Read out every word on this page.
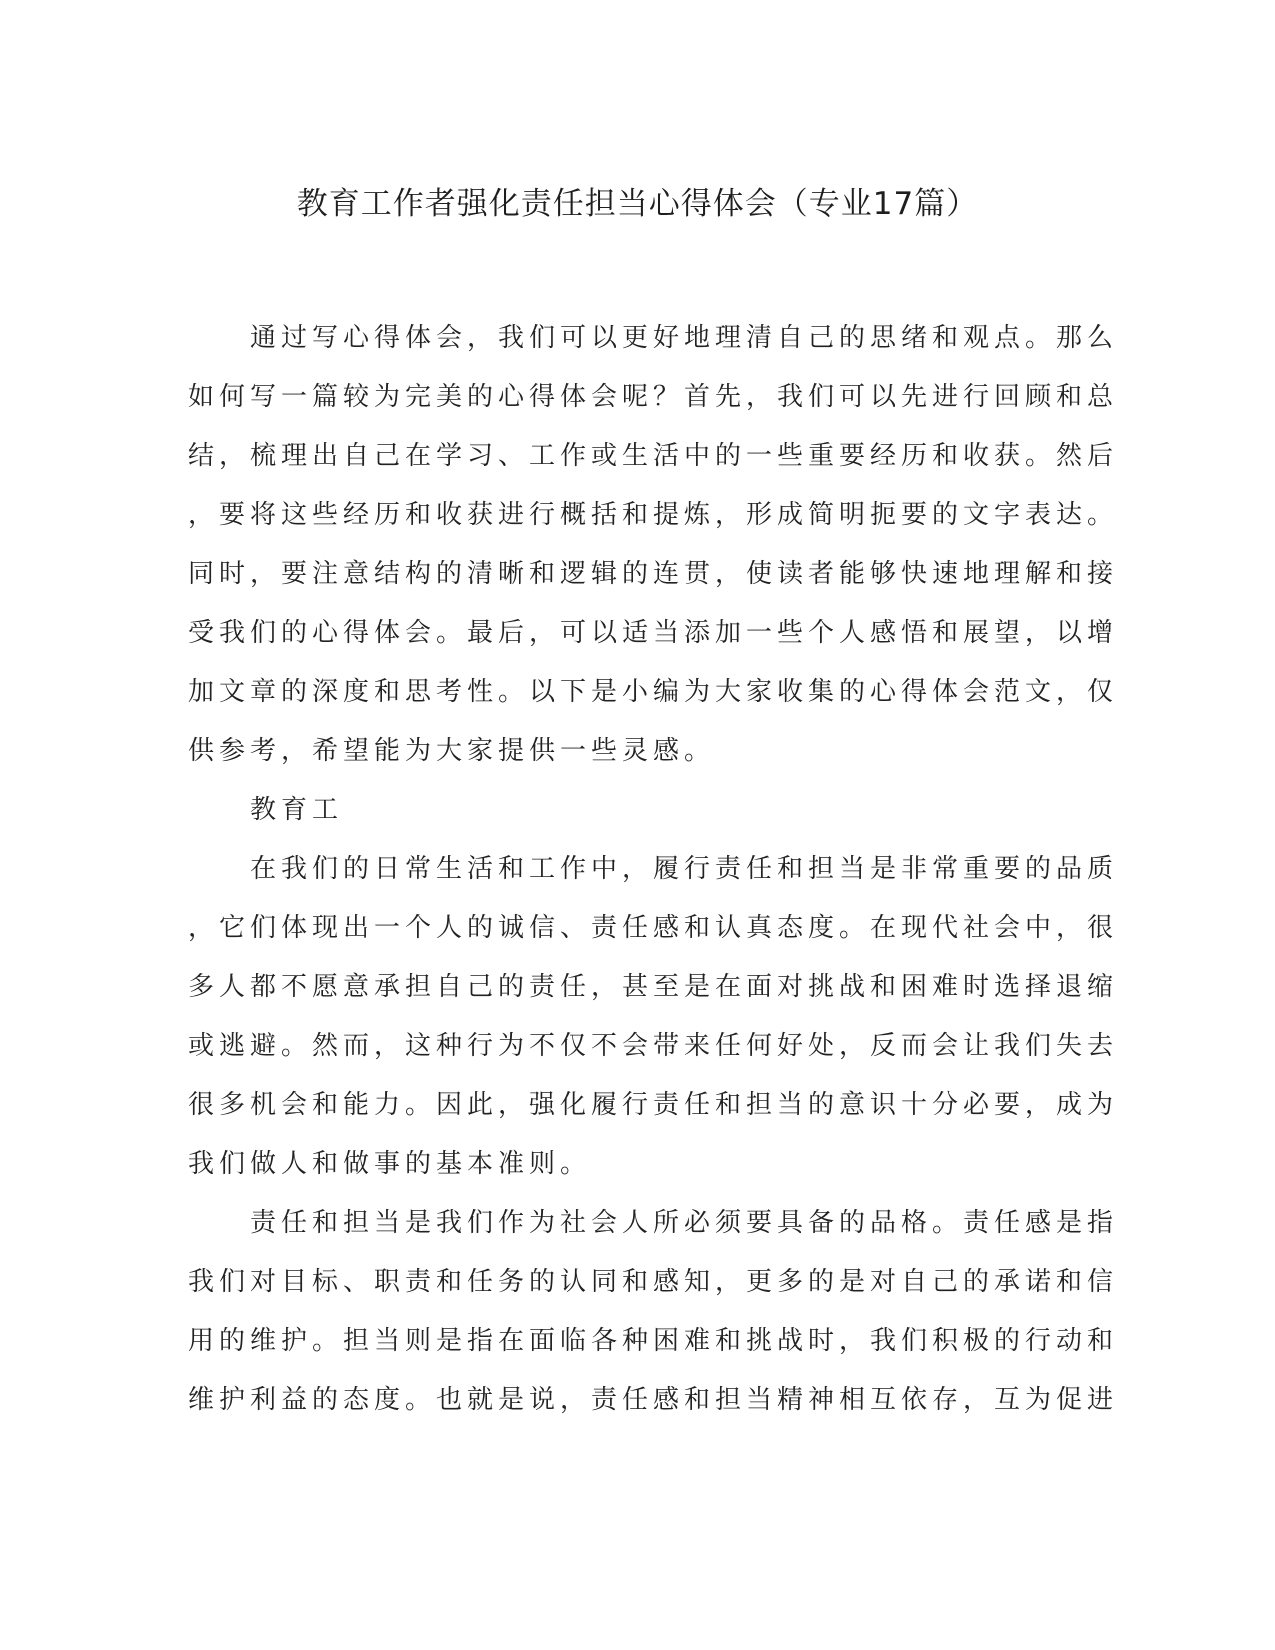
教育工作者强化责任担当心得体会（专业17篇）
　　通过写心得体会，我们可以更好地理清自己的思绪和观点。那么
如何写一篇较为完美的心得体会呢？首先，我们可以先进行回顾和总
结，梳理出自己在学习、工作或生活中的一些重要经历和收获。然后
，要将这些经历和收获进行概括和提炼，形成简明扼要的文字表达。
同时，要注意结构的清晰和逻辑的连贯，使读者能够快速地理解和接
受我们的心得体会。最后，可以适当添加一些个人感悟和展望，以增
加文章的深度和思考性。以下是小编为大家收集的心得体会范文，仅
供参考，希望能为大家提供一些灵感。
　　教育工
　　在我们的日常生活和工作中，履行责任和担当是非常重要的品质
，它们体现出一个人的诚信、责任感和认真态度。在现代社会中，很
多人都不愿意承担自己的责任，甚至是在面对挑战和困难时选择退缩
或逃避。然而，这种行为不仅不会带来任何好处，反而会让我们失去
很多机会和能力。因此，强化履行责任和担当的意识十分必要，成为
我们做人和做事的基本准则。
　　责任和担当是我们作为社会人所必须要具备的品格。责任感是指
我们对目标、职责和任务的认同和感知，更多的是对自己的承诺和信
用的维护。担当则是指在面临各种困难和挑战时，我们积极的行动和
维护利益的态度。也就是说，责任感和担当精神相互依存，互为促进
